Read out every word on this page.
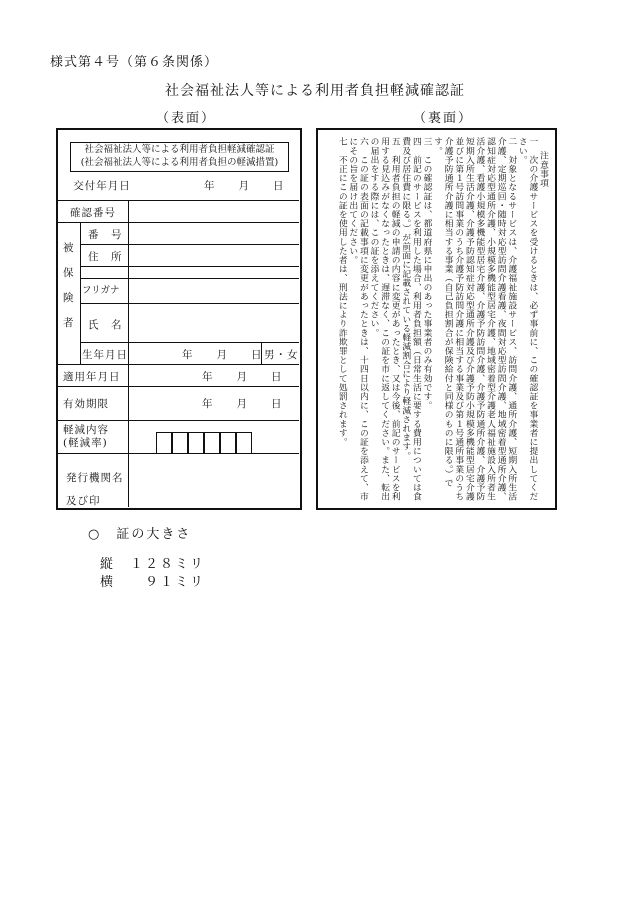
様式第４号（第６条関係）
社会福祉法人等による利用者負担軽減確認証
（表面）	（裏面）
社会福祉法人等による利用者負担軽減確認証
(社会福祉法人等による利用者負担の軽減措置)
交付年月日	年　　月　　日
確認番号
被
保
険
者
番　号
住　所
フリガナ
氏　名
生年月日	年　　月　　日 男・女
適用年月日	年　　月　　日
有効期限	年　　月　　日
軽減内容
(軽減率)
発行機関名
及び印

注意事項

一　次の介護サービスを受けるときは、必ず事前に、この確認証を事業者に提出してください。

二　対象となるサービスは、介護福祉施設サービス、訪問介護、通所介護、短期入所生活介護、定期巡回・随時対応型訪問介護看護、夜間対応型訪問介護、地域密着型通所介護、認知症対応型通所介護、小規模多機能型居宅介護、地域密着型介護老人福祉施設入所者生活介護、看護小規模多機能型居宅介護、介護予防訪問介護、介護予防通所介護、介護予防短期入所生活介護、介護予防認知症対応型通所介護及び介護予防小規模多機能型居宅介護並びに第１号訪問事業のうち介護予防訪問介護に相当する事業及び第１号通所事業のうち介護予防通所介護に相当する事業（自己負担割合が保険給付と同様のものに限る。）です。

三　この確認証は、都道府県に申出のあった事業者のみ有効です。

四　前記のサービスを利用した場合、利用者負担額（日常生活に要する費用については食費及び居住費に限る。）が前面に記載されている軽減割合により軽減されます。

五　利用者負担の軽減の申請の内容に変更があったとき、又は今後、前記のサービスを利用する見込みがなくなったときは、遅滞なく、この証を市に返してください。また、転出の届出をする際には、この証を添えてください。

六　この証の表面の記載事項に変更があったときは、十四日以内に、この証を添えて、市にその旨を届け出てください。

七　不正にこの証を使用した者は、刑法により詐欺罪として処罰されます。

○　証の大きさ
縦　１２８ミリ
横　　９１ミリ
